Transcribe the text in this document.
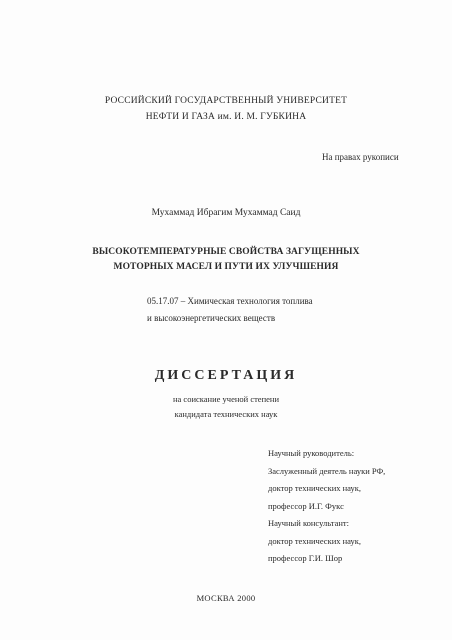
РОССИЙСКИЙ ГОСУДАРСТВЕННЫЙ УНИВЕРСИТЕТ
НЕФТИ И ГАЗА им. И. М. ГУБКИНА
На правах рукописи
Мухаммад Ибрагим Мухаммад Саид
ВЫСОКОТЕМПЕРАТУРНЫЕ СВОЙСТВА ЗАГУЩЕННЫХ
МОТОРНЫХ МАСЕЛ И ПУТИ ИХ УЛУЧШЕНИЯ
05.17.07 – Химическая технология топлива
и высокоэнергетических веществ
ДИССЕРТАЦИЯ
на соискание ученой степени
кандидата технических наук
Научный руководитель:
Заслуженный деятель науки РФ,
доктор технических наук,
профессор И.Г. Фукс
Научный консультант:
доктор технических наук,
профессор Г.И. Шор
МОСКВА 2000
